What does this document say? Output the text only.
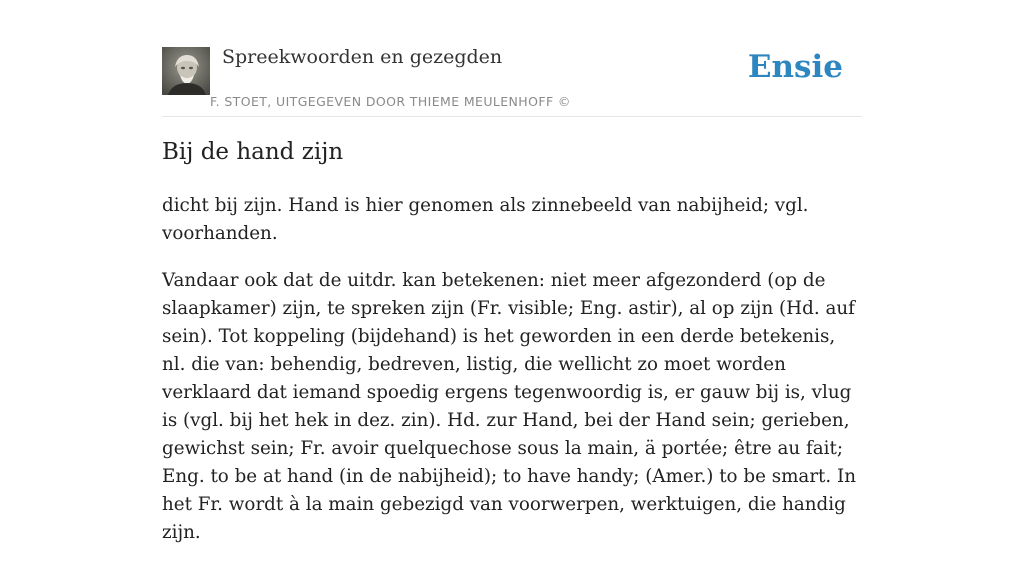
Spreekwoorden en gezegden
F. STOET, UITGEGEVEN DOOR THIEME MEULENHOFF ©
Ensie
Bij de hand zijn

dicht bij zijn. Hand is hier genomen als zinnebeeld van nabijheid; vgl. voorhanden.

Vandaar ook dat de uitdr. kan betekenen: niet meer afgezonderd (op de slaapkamer) zijn, te spreken zijn (Fr. visible; Eng. astir), al op zijn (Hd. auf sein). Tot koppeling (bijdehand) is het geworden in een derde betekenis, nl. die van: behendig, bedreven, listig, die wellicht zo moet worden verklaard dat iemand spoedig ergens tegenwoordig is, er gauw bij is, vlug is (vgl. bij het hek in dez. zin). Hd. zur Hand, bei der Hand sein; gerieben, gewichst sein; Fr. avoir quelquechose sous la main, ä portée; être au fait; Eng. to be at hand (in de nabijheid); to have handy; (Amer.) to be smart. In het Fr. wordt à la main gebezigd van voorwerpen, werktuigen, die handig zijn.
